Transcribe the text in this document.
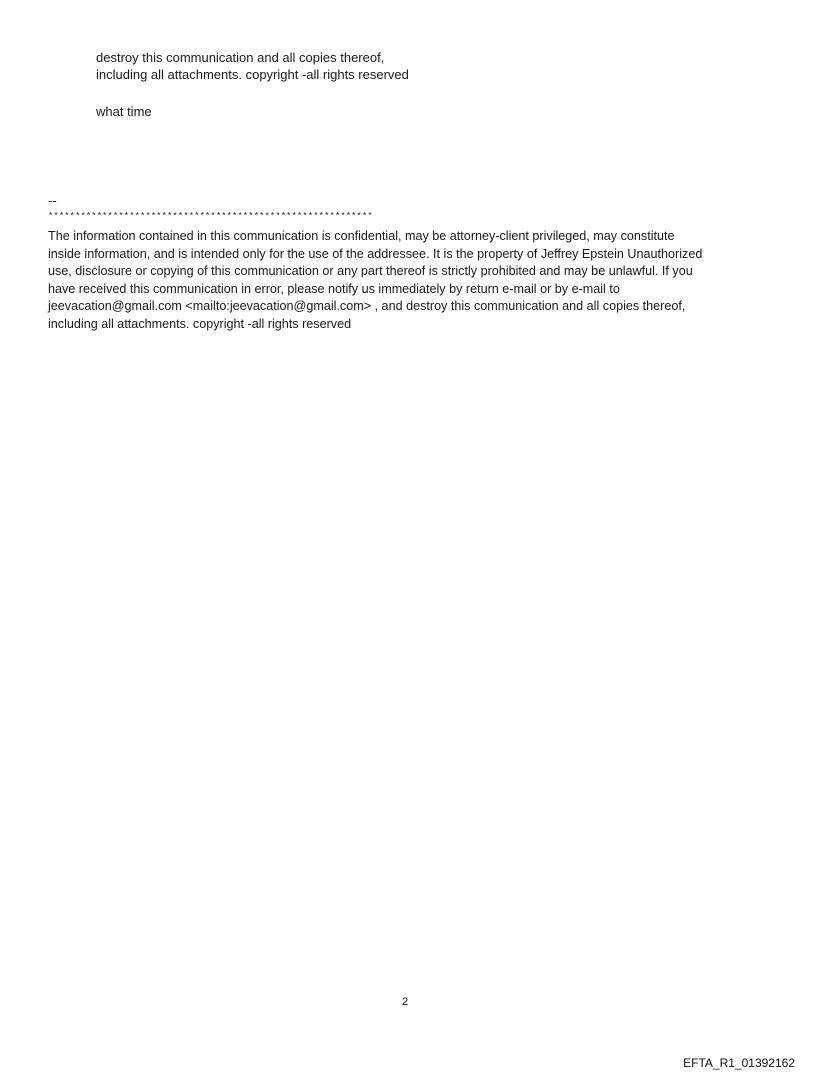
destroy this communication and all copies thereof,
including all attachments. copyright -all rights reserved
what time
--
************************************************************
The information contained in this communication is confidential, may be attorney-client privileged, may constitute
inside information, and is intended only for the use of the addressee. It is the property of Jeffrey Epstein Unauthorized
use, disclosure or copying of this communication or any part thereof is strictly prohibited and may be unlawful. If you
have received this communication in error, please notify us immediately by return e-mail or by e-mail to
jeevacation@gmail.com <mailto:jeevacation@gmail.com> , and destroy this communication and all copies thereof,
including all attachments. copyright -all rights reserved
2
EFTA_R1_01392162
